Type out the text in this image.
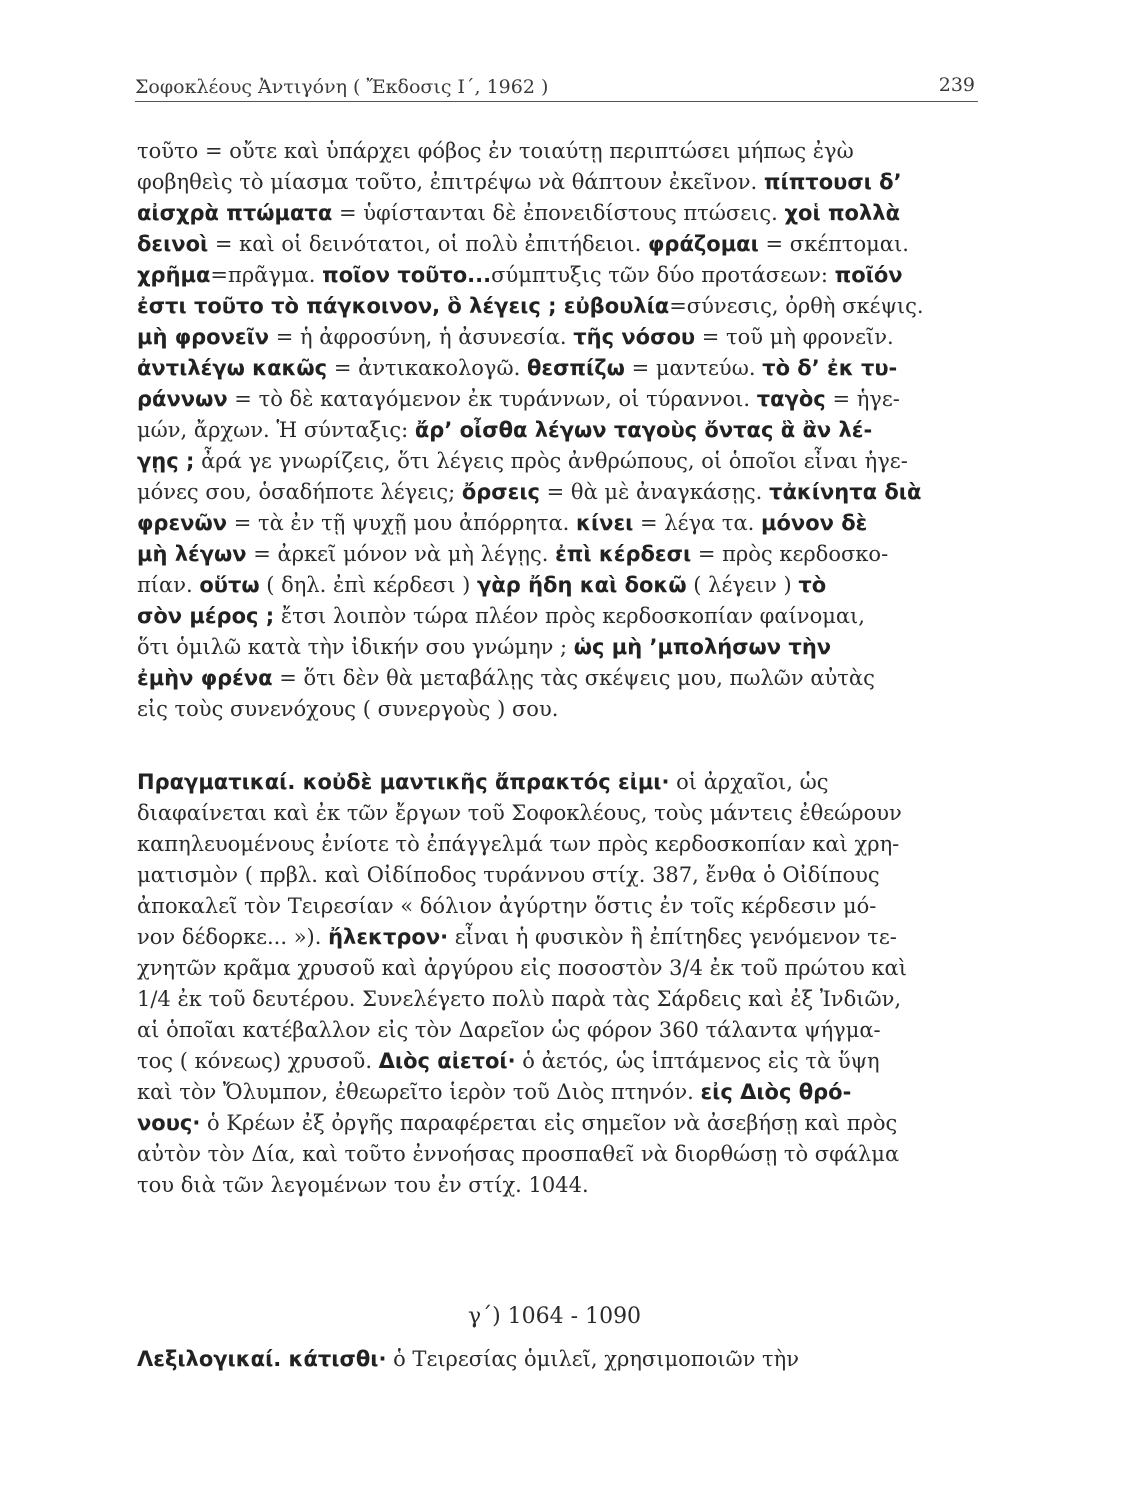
Σοφοκλέους Ἀντιγόνη ( Ἔκδοσις Ι΄, 1962 )	239
τοῦτο = οὔτε καὶ ὑπάρχει φόβος ἐν τοιαύτῃ περιπτώσει μήπως ἐγὼ
φοβηθεὶς τὸ μίασμα τοῦτο, ἐπιτρέψω νὰ θάπτουν ἐκεῖνον. πίπτουσι δ’
αἰσχρὰ πτώματα = ὑφίστανται δὲ ἐπονειδίστους πτώσεις. χοἱ πολλὰ
δεινοὶ = καὶ οἱ δεινότατοι, οἱ πολὺ ἐπιτήδειοι. φράζομαι = σκέπτομαι.
χρῆμα=πρᾶγμα. ποῖον τοῦτο...σύμπτυξις τῶν δύο προτάσεων: ποῖόν
ἐστι τοῦτο τὸ πάγκοινον, ὃ λέγεις ; εὐβουλία=σύνεσις, ὀρθὴ σκέψις.
μὴ φρονεῖν = ἡ ἀφροσύνη, ἡ ἀσυνεσία. τῆς νόσου = τοῦ μὴ φρονεῖν.
ἀντιλέγω κακῶς = ἀντικακολογῶ. θεσπίζω = μαντεύω. τὸ δ’ ἐκ τυ-
ράννων = τὸ δὲ καταγόμενον ἐκ τυράννων, οἱ τύραννοι. ταγὸς = ἡγε-
μών, ἄρχων. Ἡ σύνταξις: ἄρ’ οἶσθα λέγων ταγοὺς ὄντας ἃ ἂν λέ-
γῃς ; ἆρά γε γνωρίζεις, ὅτι λέγεις πρὸς ἀνθρώπους, οἱ ὁποῖοι εἶναι ἡγε-
μόνες σου, ὁσαδήποτε λέγεις; ὄρσεις = θὰ μὲ ἀναγκάσῃς. τἀκίνητα διὰ
φρενῶν = τὰ ἐν τῇ ψυχῇ μου ἀπόρρητα. κίνει = λέγα τα. μόνον δὲ
μὴ λέγων = ἀρκεῖ μόνον νὰ μὴ λέγῃς. ἐπὶ κέρδεσι = πρὸς κερδοσκο-
πίαν. οὕτω ( δηλ. ἐπὶ κέρδεσι ) γὰρ ἤδη καὶ δοκῶ ( λέγειν ) τὸ
σὸν μέρος ; ἔτσι λοιπὸν τώρα πλέον πρὸς κερδοσκοπίαν φαίνομαι,
ὅτι ὁμιλῶ κατὰ τὴν ἰδικήν σου γνώμην ; ὡς μὴ ’μπολήσων τὴν
ἐμὴν φρένα = ὅτι δὲν θὰ μεταβάλῃς τὰς σκέψεις μου, πωλῶν αὐτὰς
εἰς τοὺς συνενόχους ( συνεργοὺς ) σου.
Πραγματικαί. κοὐδὲ μαντικῆς ἄπρακτός εἰμι· οἱ ἀρχαῖοι, ὡς
διαφαίνεται καὶ ἐκ τῶν ἔργων τοῦ Σοφοκλέους, τοὺς μάντεις ἐθεώρουν
καπηλευομένους ἐνίοτε τὸ ἐπάγγελμά των πρὸς κερδοσκοπίαν καὶ χρη-
ματισμὸν ( πρβλ. καὶ Οἰδίποδος τυράννου στίχ. 387, ἔνθα ὁ Οἰδίπους
ἀποκαλεῖ τὸν Τειρεσίαν « δόλιον ἀγύρτην ὅστις ἐν τοῖς κέρδεσιν μό-
νον δέδορκε... »). ἤλεκτρον· εἶναι ἡ φυσικὸν ἢ ἐπίτηδες γενόμενον τε-
χνητῶν κρᾶμα χρυσοῦ καὶ ἀργύρου εἰς ποσοστὸν 3/4 ἐκ τοῦ πρώτου καὶ
1/4 ἐκ τοῦ δευτέρου. Συνελέγετο πολὺ παρὰ τὰς Σάρδεις καὶ ἐξ Ἰνδιῶν,
αἱ ὁποῖαι κατέβαλλον εἰς τὸν Δαρεῖον ὡς φόρον 360 τάλαντα ψήγμα-
τος ( κόνεως) χρυσοῦ. Διὸς αἰετοί· ὁ ἀετός, ὡς ἱπτάμενος εἰς τὰ ὕψη
καὶ τὸν Ὄλυμπον, ἐθεωρεῖτο ἱερὸν τοῦ Διὸς πτηνόν. εἰς Διὸς θρό-
νους· ὁ Κρέων ἐξ ὀργῆς παραφέρεται εἰς σημεῖον νὰ ἀσεβήσῃ καὶ πρὸς
αὐτὸν τὸν Δία, καὶ τοῦτο ἐννοήσας προσπαθεῖ νὰ διορθώσῃ τὸ σφάλμα
του διὰ τῶν λεγομένων του ἐν στίχ. 1044.
γ΄) 1064 - 1090
Λεξιλογικαί. κάτισθι· ὁ Τειρεσίας ὁμιλεῖ, χρησιμοποιῶν τὴν
